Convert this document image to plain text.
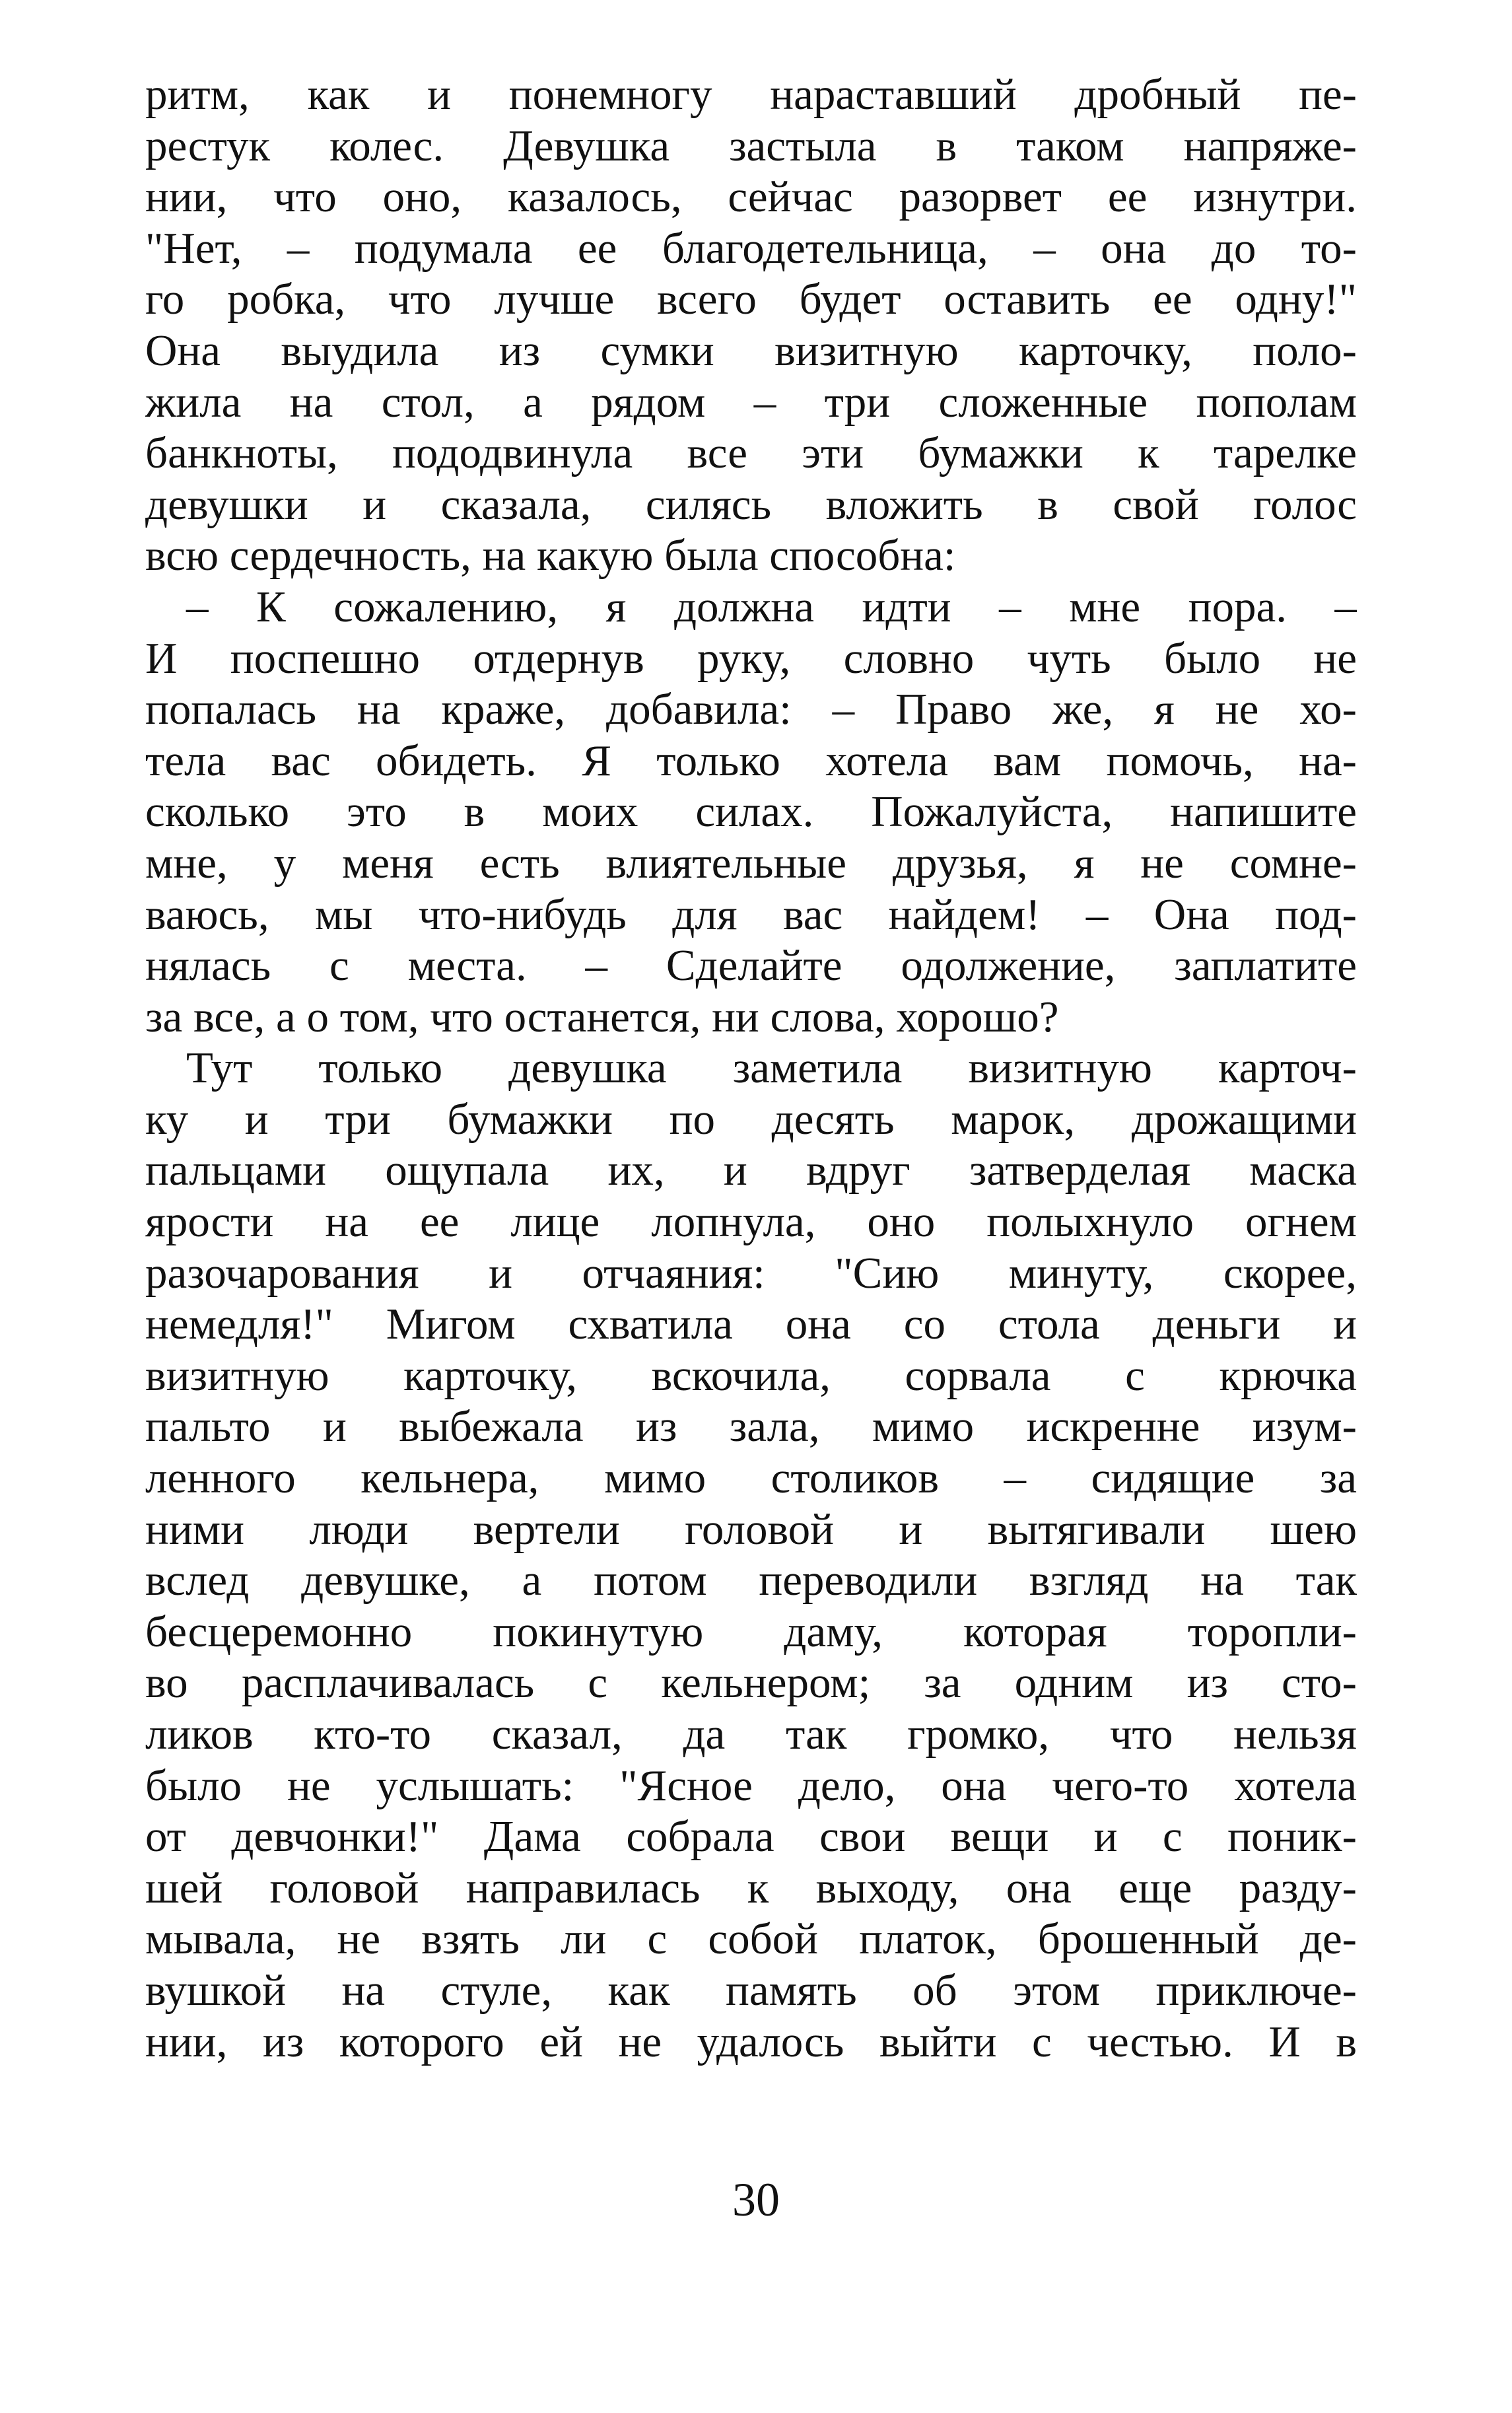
ритм, как и понемногу нараставший дробный пе-
рестук колес. Девушка застыла в таком напряже-
нии, что оно, казалось, сейчас разорвет ее изнутри.
"Нет, – подумала ее благодетельница, – она до то-
го робка, что лучше всего будет оставить ее одну!"
Она выудила из сумки визитную карточку, поло-
жила на стол, а рядом – три сложенные пополам
банкноты, пододвинула все эти бумажки к тарелке
девушки и сказала, силясь вложить в свой голос
всю сердечность, на какую была способна:
– К сожалению, я должна идти – мне пора. –
И поспешно отдернув руку, словно чуть было не
попалась на краже, добавила: – Право же, я не хо-
тела вас обидеть. Я только хотела вам помочь, на-
сколько это в моих силах. Пожалуйста, напишите
мне, у меня есть влиятельные друзья, я не сомне-
ваюсь, мы что-нибудь для вас найдем! – Она под-
нялась с места. – Сделайте одолжение, заплатите
за все, а о том, что останется, ни слова, хорошо?
Тут только девушка заметила визитную карточ-
ку и три бумажки по десять марок, дрожащими
пальцами ощупала их, и вдруг затверделая маска
ярости на ее лице лопнула, оно полыхнуло огнем
разочарования и отчаяния: "Сию минуту, скорее,
немедля!" Мигом схватила она со стола деньги и
визитную карточку, вскочила, сорвала с крючка
пальто и выбежала из зала, мимо искренне изум-
ленного кельнера, мимо столиков – сидящие за
ними люди вертели головой и вытягивали шею
вслед девушке, а потом переводили взгляд на так
бесцеремонно покинутую даму, которая торопли-
во расплачивалась с кельнером; за одним из сто-
ликов кто-то сказал, да так громко, что нельзя
было не услышать: "Ясное дело, она чего-то хотела
от девчонки!" Дама собрала свои вещи и с поник-
шей головой направилась к выходу, она еще разду-
мывала, не взять ли с собой платок, брошенный де-
вушкой на стуле, как память об этом приключе-
нии, из которого ей не удалось выйти с честью. И в
30
